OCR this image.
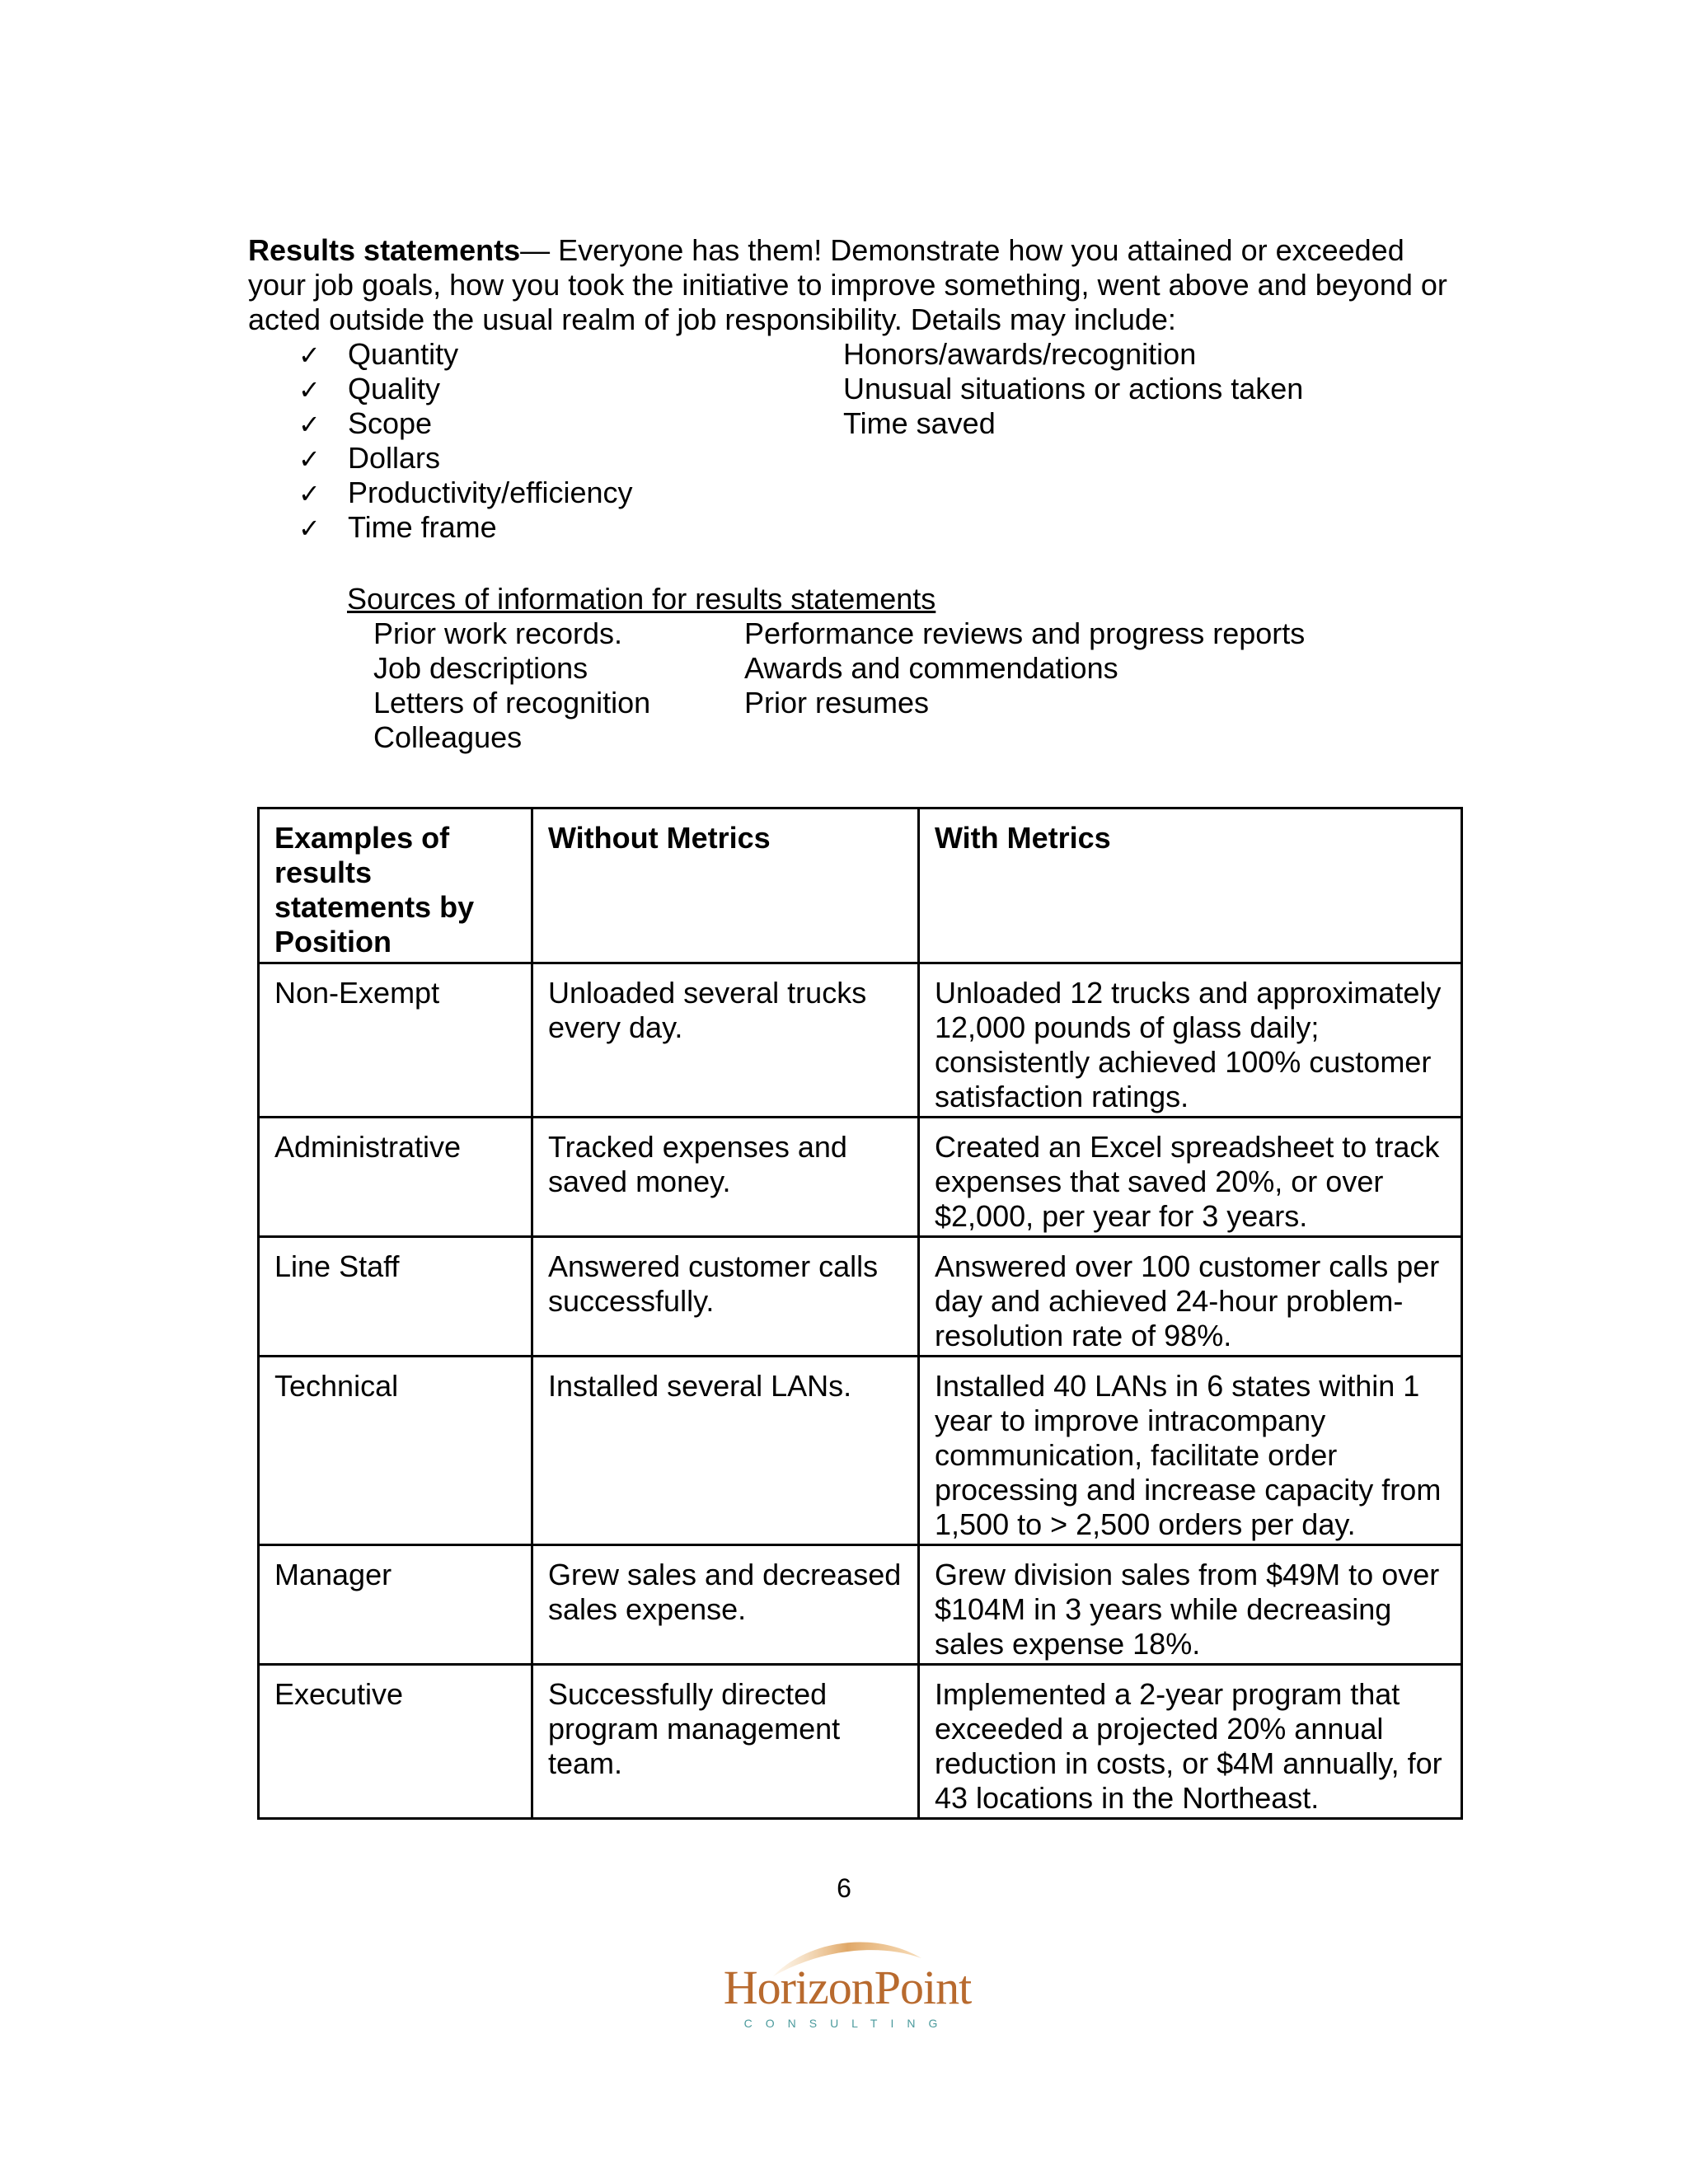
Results statements— Everyone has them! Demonstrate how you attained or exceeded your job goals, how you took the initiative to improve something, went above and beyond or acted outside the usual realm of job responsibility. Details may include:

✓ Quantity
✓ Quality
✓ Scope
✓ Dollars
✓ Productivity/efficiency
✓ Time frame
Honors/awards/recognition
Unusual situations or actions taken
Time saved
Sources of information for results statements
Prior work records.
Job descriptions
Letters of recognition
Colleagues
Performance reviews and progress reports
Awards and commendations
Prior resumes
Examples of results statements by Position	Without Metrics	With Metrics
Non-Exempt	Unloaded several trucks every day.	Unloaded 12 trucks and approximately 12,000 pounds of glass daily; consistently achieved 100% customer satisfaction ratings.
Administrative	Tracked expenses and saved money.	Created an Excel spreadsheet to track expenses that saved 20%, or over $2,000, per year for 3 years.
Line Staff	Answered customer calls successfully.	Answered over 100 customer calls per day and achieved 24-hour problem-resolution rate of 98%.
Technical	Installed several LANs.	Installed 40 LANs in 6 states within 1 year to improve intracompany communication, facilitate order processing and increase capacity from 1,500 to > 2,500 orders per day.
Manager	Grew sales and decreased sales expense.	Grew division sales from $49M to over $104M in 3 years while decreasing sales expense 18%.
Executive	Successfully directed program management team.	Implemented a 2-year program that exceeded a projected 20% annual reduction in costs, or $4M annually, for 43 locations in the Northeast.
6
HorizonPoint
CONSULTING
